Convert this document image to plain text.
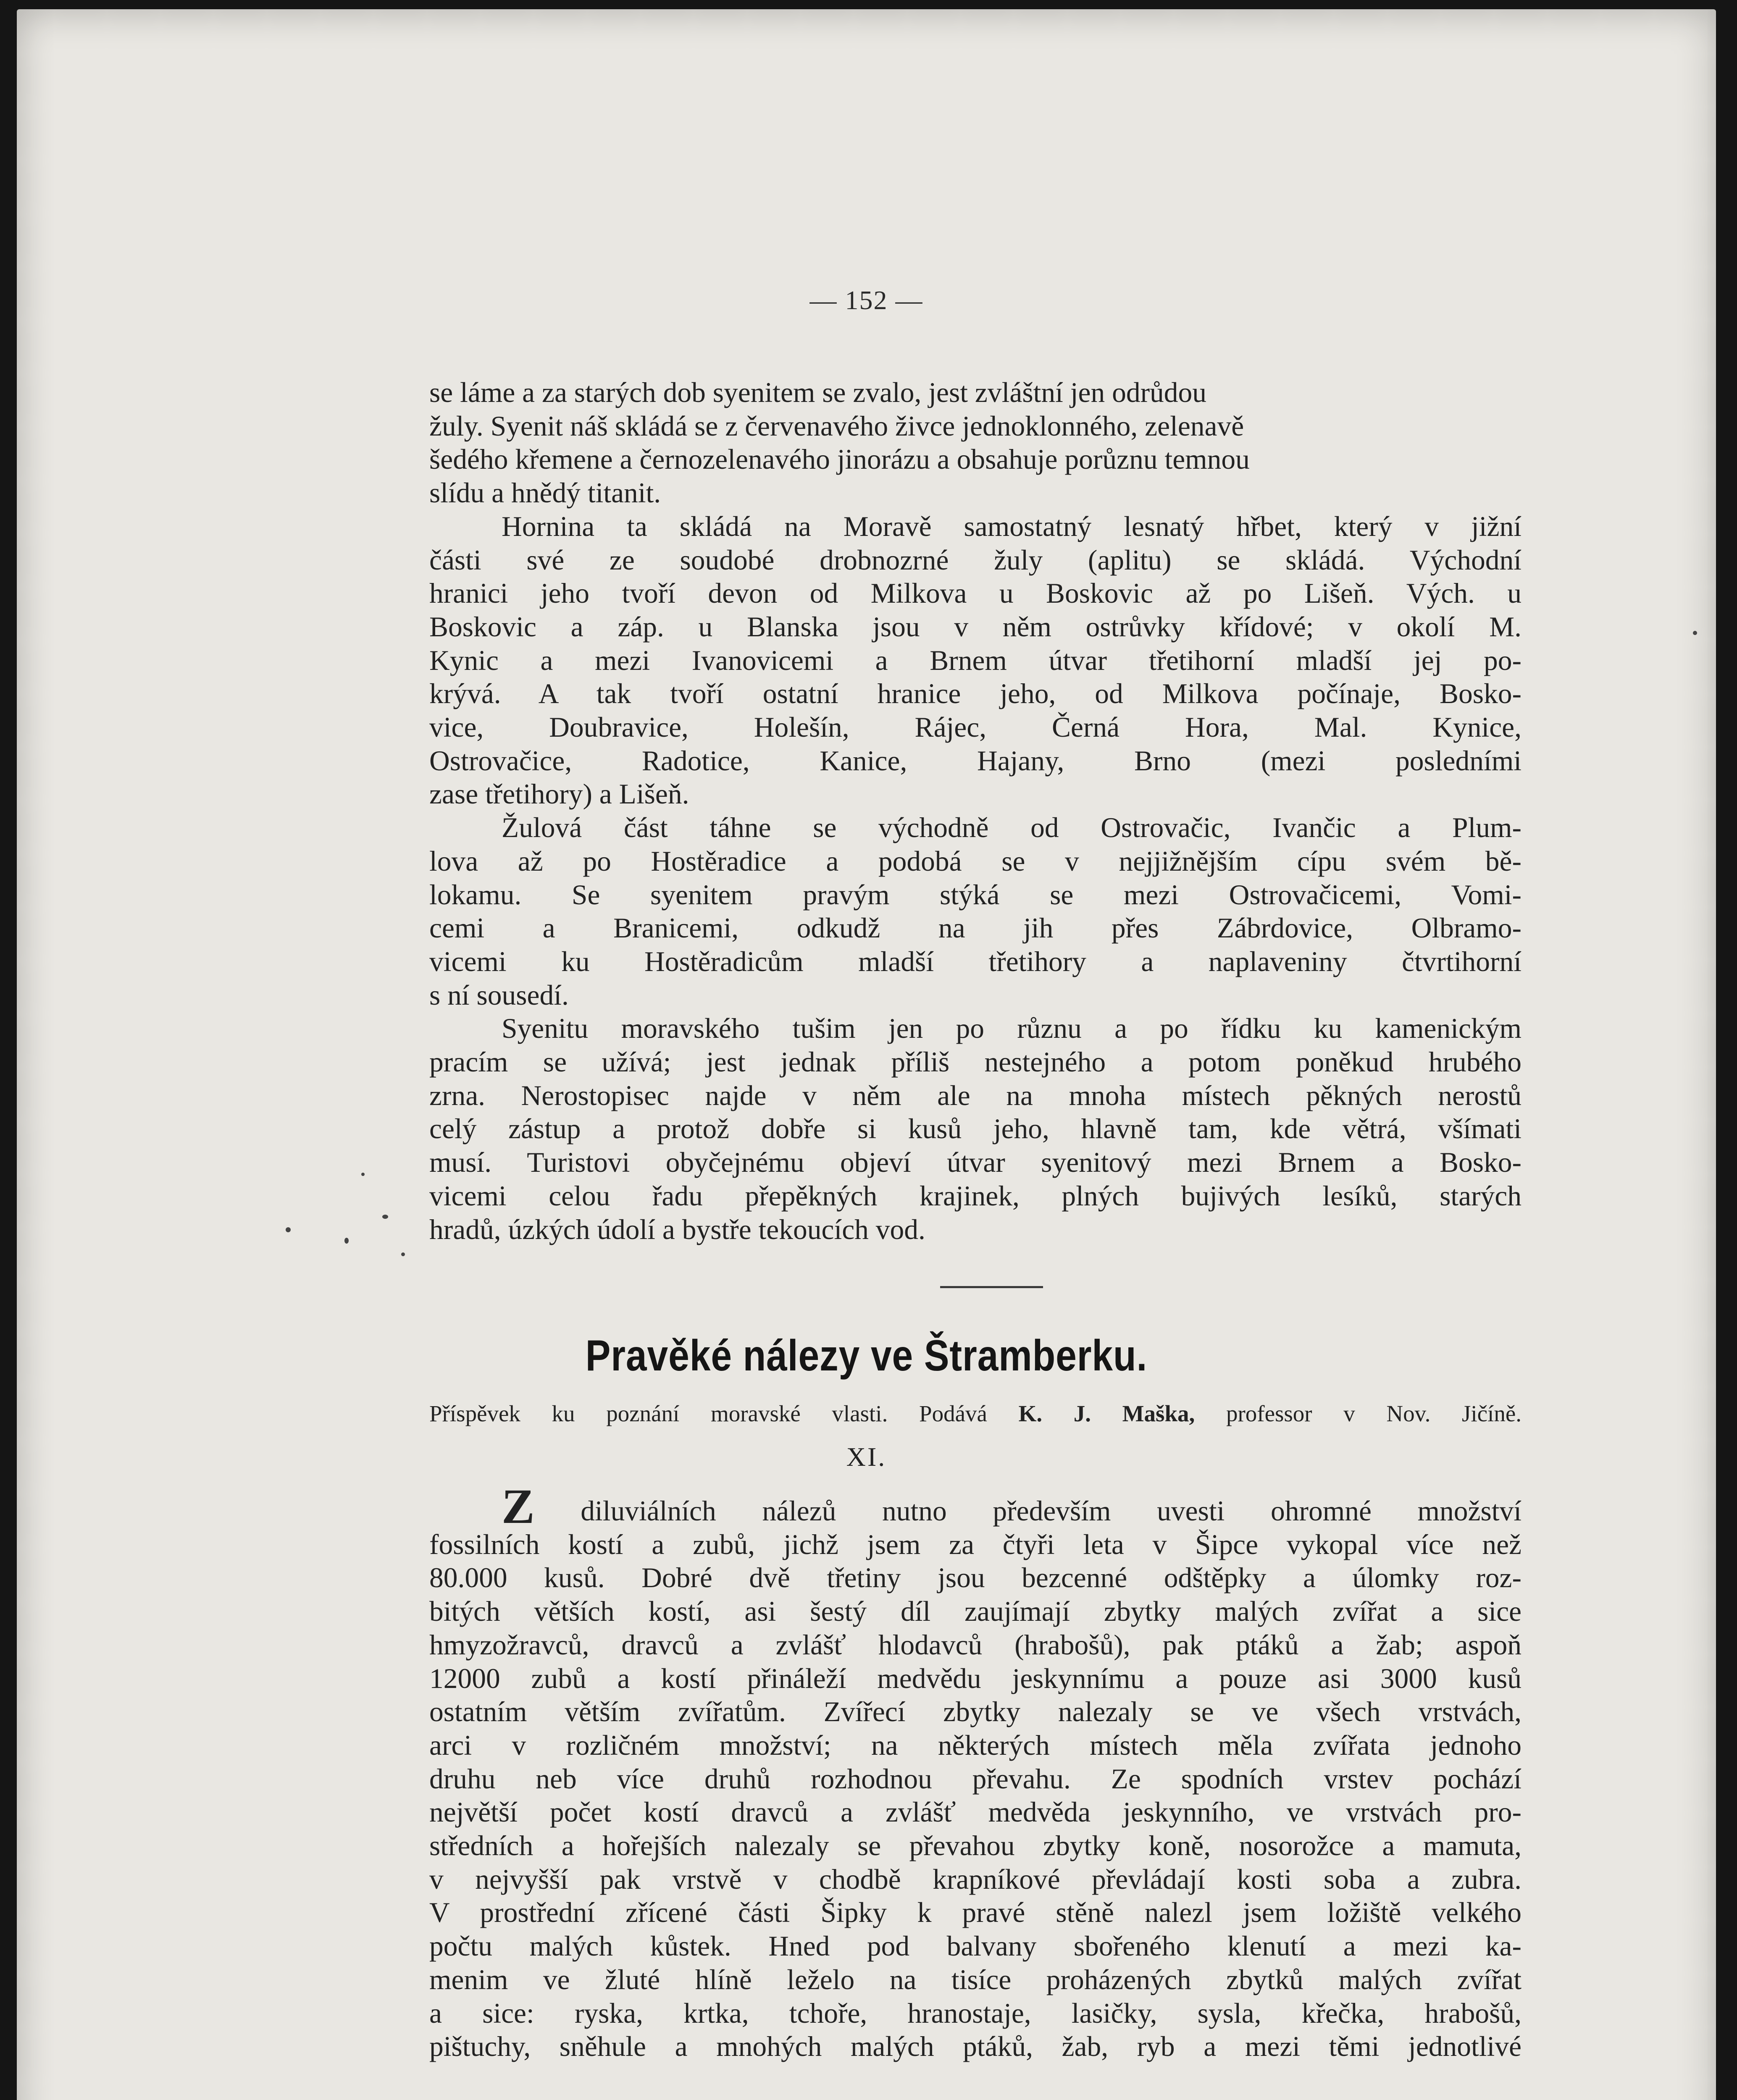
— 152 —
se láme a za starých dob syenitem se zvalo, jest zvláštní jen odrůdou
žuly. Syenit náš skládá se z červenavého živce jednoklonného, zelenavě
šedého křemene a černozelenavého jinorázu a obsahuje porůznu temnou
slídu a hnědý titanit.
Hornina ta skládá na Moravě samostatný lesnatý hřbet, který v jižní
části své ze soudobé drobnozrné žuly (aplitu) se skládá. Východní
hranici jeho tvoří devon od Milkova u Boskovic až po Lišeň. Vých. u
Boskovic a záp. u Blanska jsou v něm ostrůvky křídové; v okolí M.
Kynic a mezi Ivanovicemi a Brnem útvar třetihorní mladší jej po-
krývá. A tak tvoří ostatní hranice jeho, od Milkova počínaje, Bosko-
vice, Doubravice, Holešín, Rájec, Černá Hora, Mal. Kynice,
Ostrovačice, Radotice, Kanice, Hajany, Brno (mezi posledními
zase třetihory) a Lišeň.
Žulová část táhne se východně od Ostrovačic, Ivančic a Plum-
lova až po Hostěradice a podobá se v nejjižnějším cípu svém bě-
lokamu. Se syenitem pravým stýká se mezi Ostrovačicemi, Vomi-
cemi a Branicemi, odkudž na jih přes Zábrdovice, Olbramo-
vicemi ku Hostěradicům mladší třetihory a naplaveniny čtvrtihorní
s ní sousedí.
Syenitu moravského tušim jen po různu a po řídku ku kamenickým
pracím se užívá; jest jednak příliš nestejného a potom poněkud hrubého
zrna. Nerostopisec najde v něm ale na mnoha místech pěkných nerostů
celý zástup a protož dobře si kusů jeho, hlavně tam, kde větrá, všímati
musí. Turistovi obyčejnému objeví útvar syenitový mezi Brnem a Bosko-
vicemi celou řadu přepěkných krajinek, plných bujivých lesíků, starých
hradů, úzkých údolí a bystře tekoucích vod.
Pravěké nálezy ve Štramberku.
Příspěvek ku poznání moravské vlasti. Podává K. J. Maška, professor v Nov. Jičíně.
XI.
Z diluviálních nálezů nutno především uvesti ohromné množství
fossilních kostí a zubů, jichž jsem za čtyři leta v Šipce vykopal více než
80.000 kusů. Dobré dvě třetiny jsou bezcenné odštěpky a úlomky roz-
bitých větších kostí, asi šestý díl zaujímají zbytky malých zvířat a sice
hmyzožravců, dravců a zvlášť hlodavců (hrabošů), pak ptáků a žab; aspoň
12000 zubů a kostí přináleží medvědu jeskynnímu a pouze asi 3000 kusů
ostatním větším zvířatům. Zvířecí zbytky nalezaly se ve všech vrstvách,
arci v rozličném množství; na některých místech měla zvířata jednoho
druhu neb více druhů rozhodnou převahu. Ze spodních vrstev pochází
největší počet kostí dravců a zvlášť medvěda jeskynního, ve vrstvách pro-
středních a hořejších nalezaly se převahou zbytky koně, nosorožce a mamuta,
v nejvyšší pak vrstvě v chodbě krapníkové převládají kosti soba a zubra.
V prostřední zřícené části Šipky k pravé stěně nalezl jsem ložiště velkého
počtu malých kůstek. Hned pod balvany sbořeného klenutí a mezi ka-
menim ve žluté hlíně leželo na tisíce proházených zbytků malých zvířat
a sice: ryska, krtka, tchoře, hranostaje, lasičky, sysla, křečka, hrabošů,
pištuchy, sněhule a mnohých malých ptáků, žab, ryb a mezi těmi jednotlivé
